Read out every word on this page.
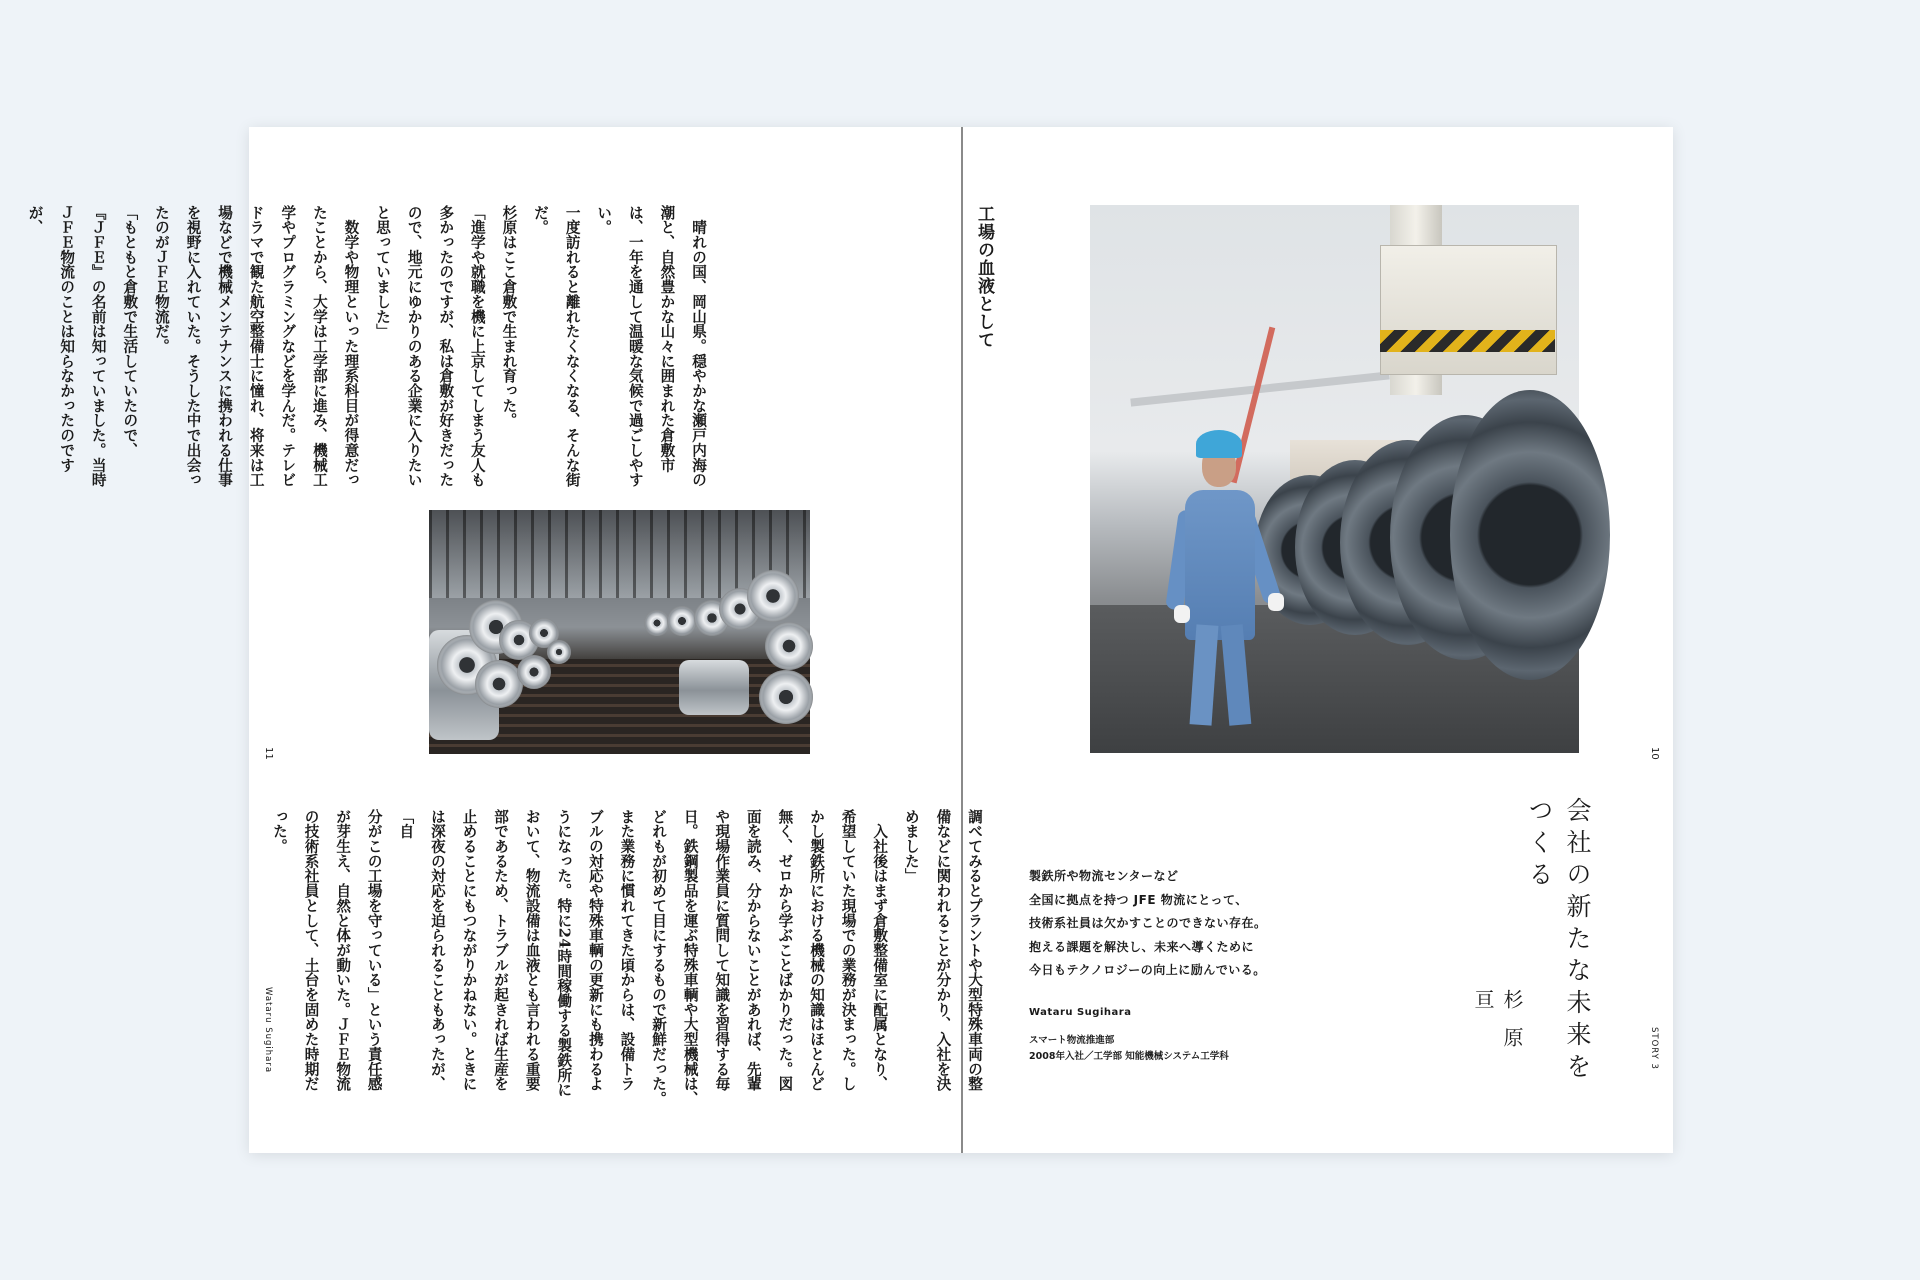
工場の血液として
　晴れの国、岡山県。穏やかな瀬戸内海の
潮と、自然豊かな山々に囲まれた倉敷市
は、一年を通して温暖な気候で過ごしやすい。
一度訪れると離れたくなくなる、そんな街だ。
杉原はここ倉敷で生まれ育った。
「進学や就職を機に上京してしまう友人も
多かったのですが、私は倉敷が好きだった
ので、地元にゆかりのある企業に入りたい
と思っていました」
　数学や物理といった理系科目が得意だっ
たことから、大学は工学部に進み、機械工
学やプログラミングなどを学んだ。テレビ
ドラマで観た航空整備士に憧れ、将来は工
場などで機械メンテナンスに携われる仕事
を視野に入れていた。そうした中で出会っ
たのがＪＦＥ物流だ。
「もともと倉敷で生活していたので、
『ＪＦＥ』の名前は知っていました。当時
ＪＦＥ物流のことは知らなかったのですが、
調べてみるとプラントや大型特殊車両の整
備などに関われることが分かり、入社を決
めました」
　入社後はまず倉敷整備室に配属となり、
希望していた現場での業務が決まった。し
かし製鉄所における機械の知識はほとんど
無く、ゼロから学ぶことばかりだった。図
面を読み、分からないことがあれば、先輩
や現場作業員に質問して知識を習得する毎
日。鉄鋼製品を運ぶ特殊車輌や大型機械は、
どれもが初めて目にするもので新鮮だった。
また業務に慣れてきた頃からは、設備トラ
ブルの対応や特殊車輌の更新にも携わるよ
うになった。特に24時間稼働する製鉄所に
おいて、物流設備は血液とも言われる重要
部であるため、トラブルが起きれば生産を
止めることにもつながりかねない。ときに
は深夜の対応を迫られることもあったが、「自
分がこの工場を守っている」という責任感
が芽生え、自然と体が動いた。ＪＦＥ物流
の技術系社員として、土台を固めた時期だ
った。
11
Wataru Sugihara	会社の新たな未来を
つくる
杉原 亘
製鉄所や物流センターなど
全国に拠点を持つ JFE 物流にとって、
技術系社員は欠かすことのできない存在。
抱える課題を解決し、未来へ導くために
今日もテクノロジーの向上に励んでいる。
Wataru Sugihara
スマート物流推進部
2008年入社／工学部 知能機械システム工学科
10
STORY 3
